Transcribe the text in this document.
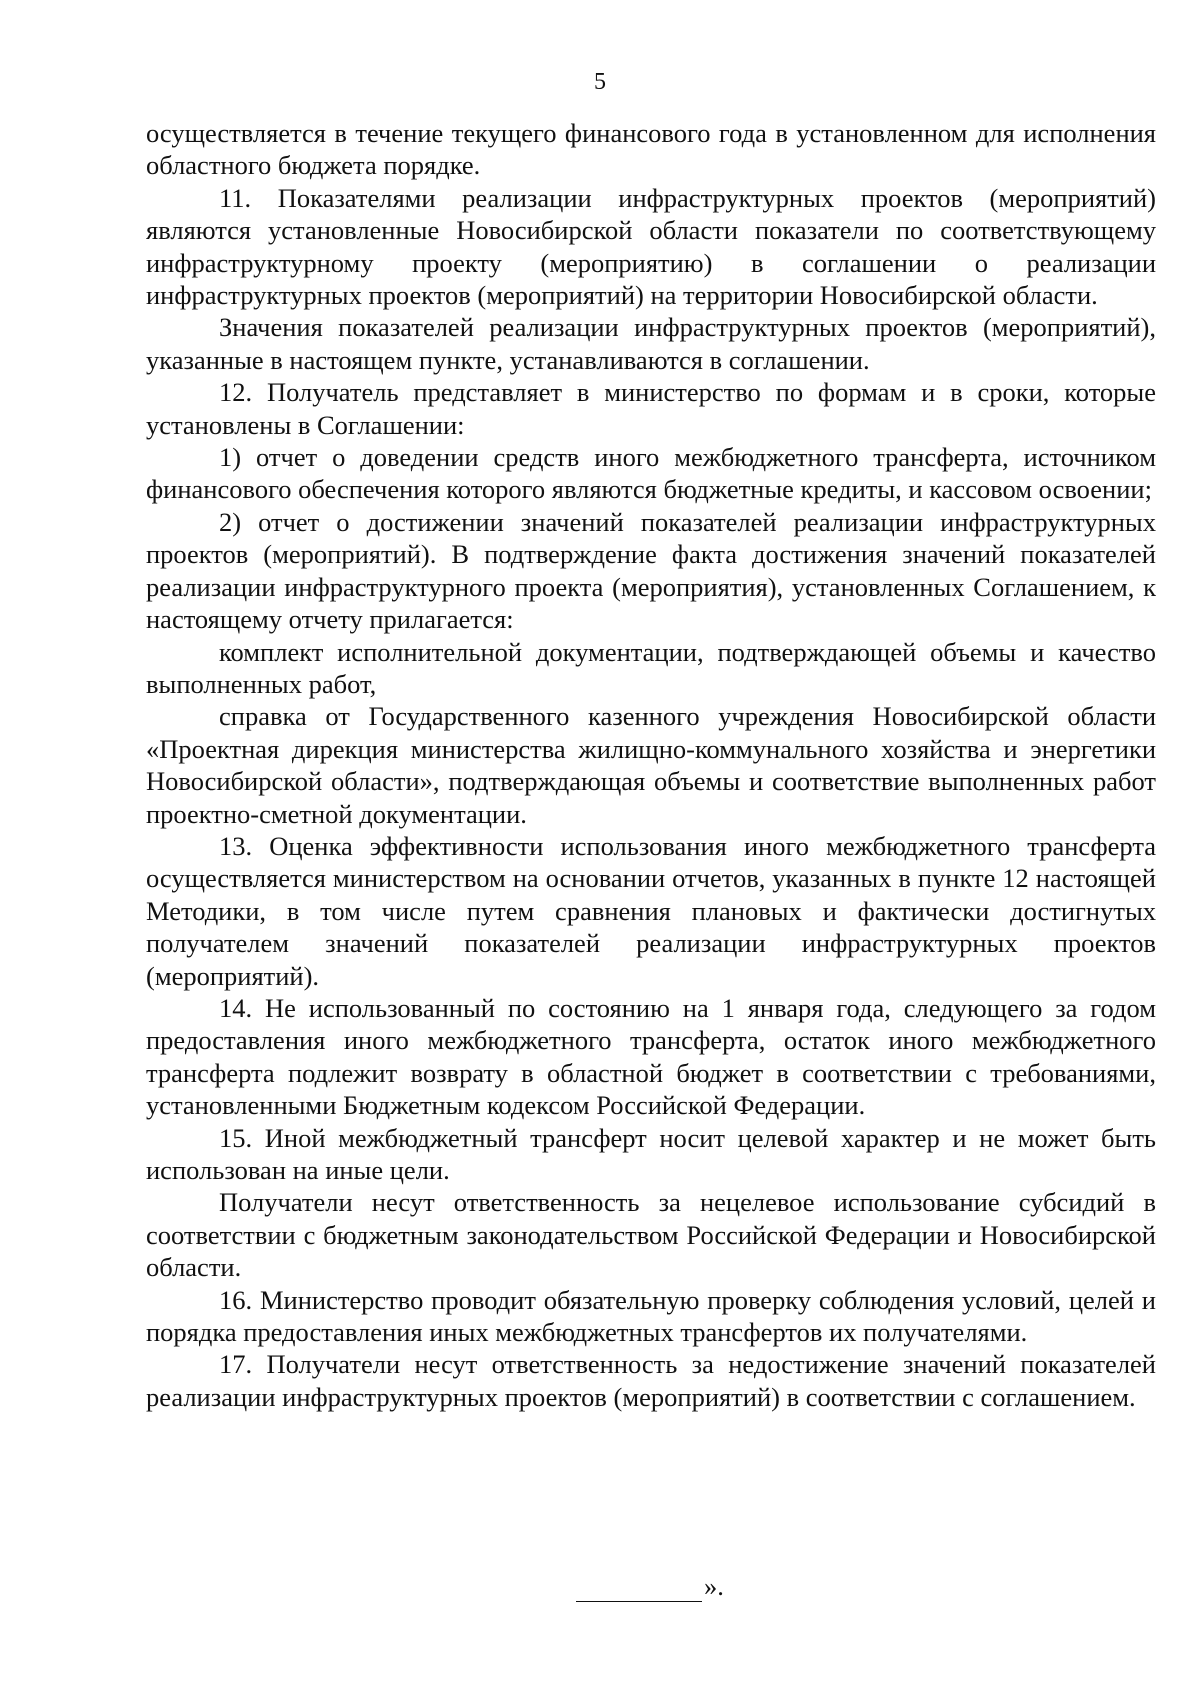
5

осуществляется в течение текущего финансового года в установленном для исполнения областного бюджета порядке.

11. Показателями реализации инфраструктурных проектов (мероприятий) являются установленные Новосибирской области показатели по соответствующему инфраструктурному проекту (мероприятию) в соглашении о реализации инфраструктурных проектов (мероприятий) на территории Новосибирской области.

Значения показателей реализации инфраструктурных проектов (мероприятий), указанные в настоящем пункте, устанавливаются в соглашении.

12. Получатель представляет в министерство по формам и в сроки, которые установлены в Соглашении:

1) отчет о доведении средств иного межбюджетного трансферта, источником финансового обеспечения которого являются бюджетные кредиты, и кассовом освоении;

2) отчет о достижении значений показателей реализации инфраструктурных проектов (мероприятий). В подтверждение факта достижения значений показателей реализации инфраструктурного проекта (мероприятия), установленных Соглашением, к настоящему отчету прилагается:

комплект исполнительной документации, подтверждающей объемы и качество выполненных работ,

справка от Государственного казенного учреждения Новосибирской области «Проектная дирекция министерства жилищно-коммунального хозяйства и энергетики Новосибирской области», подтверждающая объемы и соответствие выполненных работ проектно-сметной документации.

13. Оценка эффективности использования иного межбюджетного трансферта осуществляется министерством на основании отчетов, указанных в пункте 12 настоящей Методики, в том числе путем сравнения плановых и фактически достигнутых получателем значений показателей реализации инфраструктурных проектов (мероприятий).

14. Не использованный по состоянию на 1 января года, следующего за годом предоставления иного межбюджетного трансферта, остаток иного межбюджетного трансферта подлежит возврату в областной бюджет в соответствии с требованиями, установленными Бюджетным кодексом Российской Федерации.

15. Иной межбюджетный трансферт носит целевой характер и не может быть использован на иные цели.

Получатели несут ответственность за нецелевое использование субсидий в соответствии с бюджетным законодательством Российской Федерации и Новосибирской области.

16. Министерство проводит обязательную проверку соблюдения условий, целей и порядка предоставления иных межбюджетных трансфертов их получателями.

17. Получатели несут ответственность за недостижение значений показателей реализации инфраструктурных проектов (мероприятий) в соответствии с соглашением.

».
